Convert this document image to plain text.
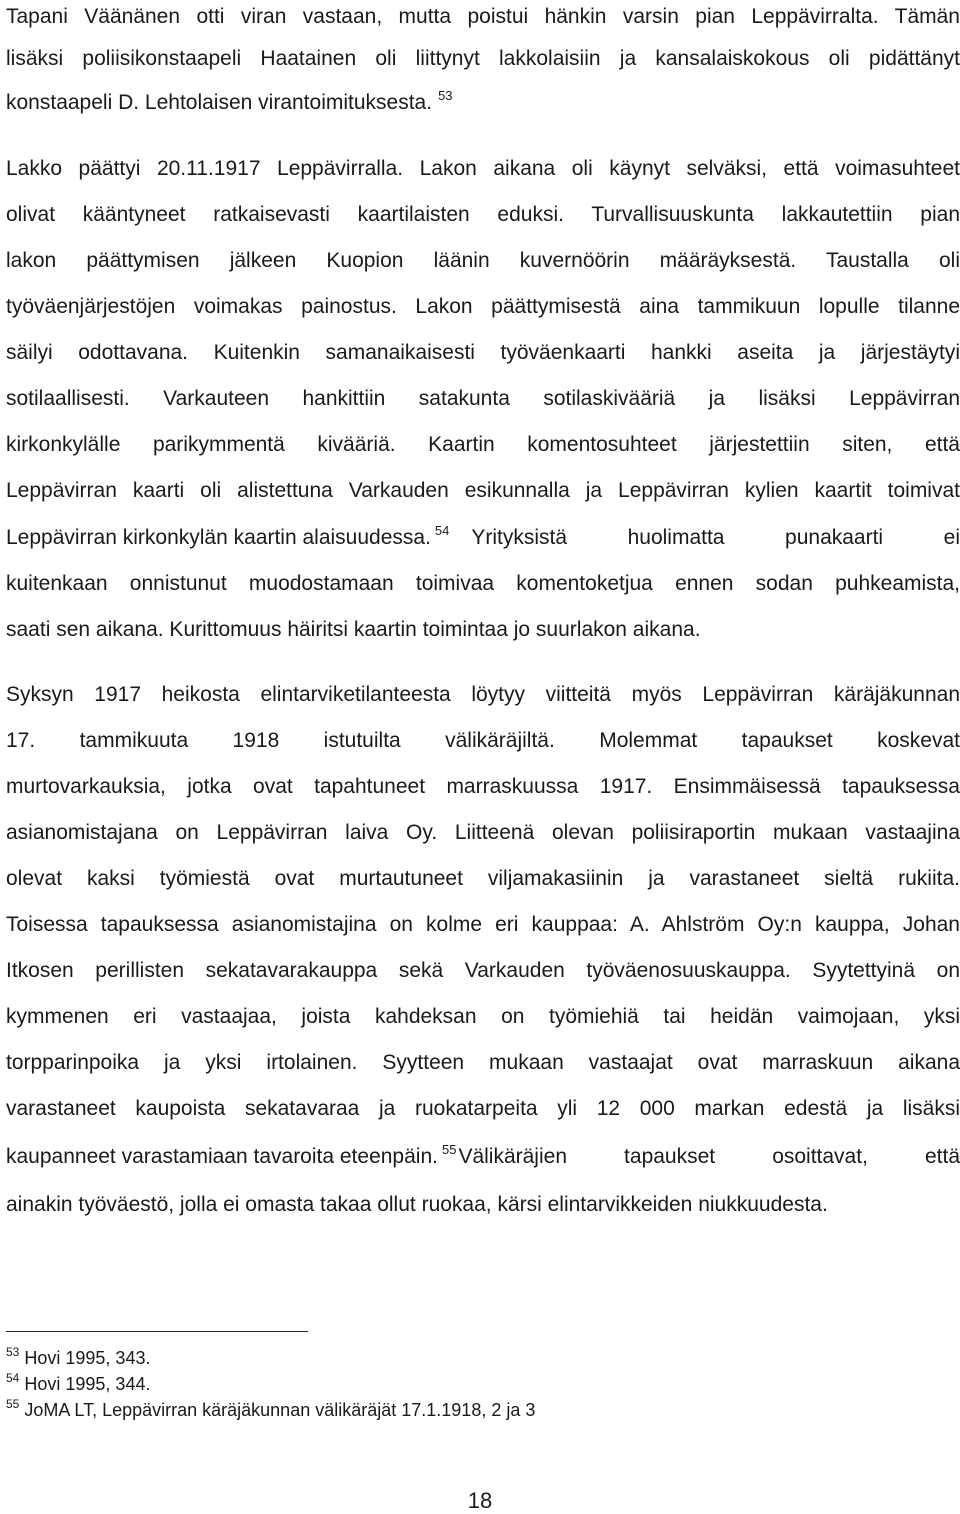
Tapani Väänänen otti viran vastaan, mutta poistui hänkin varsin pian Leppävirralta. Tämän
lisäksi poliisikonstaapeli Haatainen oli liittynyt lakkolaisiin ja kansalaiskokous oli pidättänyt
konstaapeli D. Lehtolaisen virantoimituksesta. $^{53}$
Lakko päättyi 20.11.1917 Leppävirralla. Lakon aikana oli käynyt selväksi, että voimasuhteet
olivat kääntyneet ratkaisevasti kaartilaisten eduksi. Turvallisuuskunta lakkautettiin pian
lakon päättymisen jälkeen Kuopion läänin kuvernöörin määräyksestä. Taustalla oli
työväenjärjestöjen voimakas painostus. Lakon päättymisestä aina tammikuun lopulle tilanne
säilyi odottavana. Kuitenkin samanaikaisesti työväenkaarti hankki aseita ja järjestäytyi
sotilaallisesti. Varkauteen hankittiin satakunta sotilaskivääriä ja lisäksi Leppävirran
kirkonkylälle parikymmentä kivääriä. Kaartin komentosuhteet järjestettiin siten, että
Leppävirran kaarti oli alistettuna Varkauden esikunnalla ja Leppävirran kylien kaartit toimivat
Leppävirran kirkonkylän kaartin alaisuudessa. $^{54}$ Yrityksistä huolimatta punakaarti ei
kuitenkaan onnistunut muodostamaan toimivaa komentoketjua ennen sodan puhkeamista,
saati sen aikana. Kurittomuus häiritsi kaartin toimintaa jo suurlakon aikana.
Syksyn 1917 heikosta elintarviketilanteesta löytyy viitteitä myös Leppävirran käräjäkunnan
17. tammikuuta 1918 istutuilta välikäräjiltä. Molemmat tapaukset koskevat
murtovarkauksia, jotka ovat tapahtuneet marraskuussa 1917. Ensimmäisessä tapauksessa
asianomistajana on Leppävirran laiva Oy. Liitteenä olevan poliisiraportin mukaan vastaajina
olevat kaksi työmiestä ovat murtautuneet viljamakasiinin ja varastaneet sieltä rukiita.
Toisessa tapauksessa asianomistajina on kolme eri kauppaa: A. Ahlström Oy:n kauppa, Johan
Itkosen perillisten sekatavarakauppa sekä Varkauden työväenosuuskauppa. Syytettyinä on
kymmenen eri vastaajaa, joista kahdeksan on työmiehiä tai heidän vaimojaan, yksi
torpparinpoika ja yksi irtolainen. Syytteen mukaan vastaajat ovat marraskuun aikana
varastaneet kaupoista sekatavaraa ja ruokatarpeita yli 12 000 markan edestä ja lisäksi
kaupanneet varastamiaan tavaroita eteenpäin. $^{55}$ Välikäräjien tapaukset osoittavat, että
ainakin työväestö, jolla ei omasta takaa ollut ruokaa, kärsi elintarvikkeiden niukkuudesta.
$^{53}$ Hovi 1995, 343.
$^{54}$ Hovi 1995, 344.
$^{55}$ JoMA LT, Leppävirran käräjäkunnan välikäräjät 17.1.1918, 2 ja 3
18
